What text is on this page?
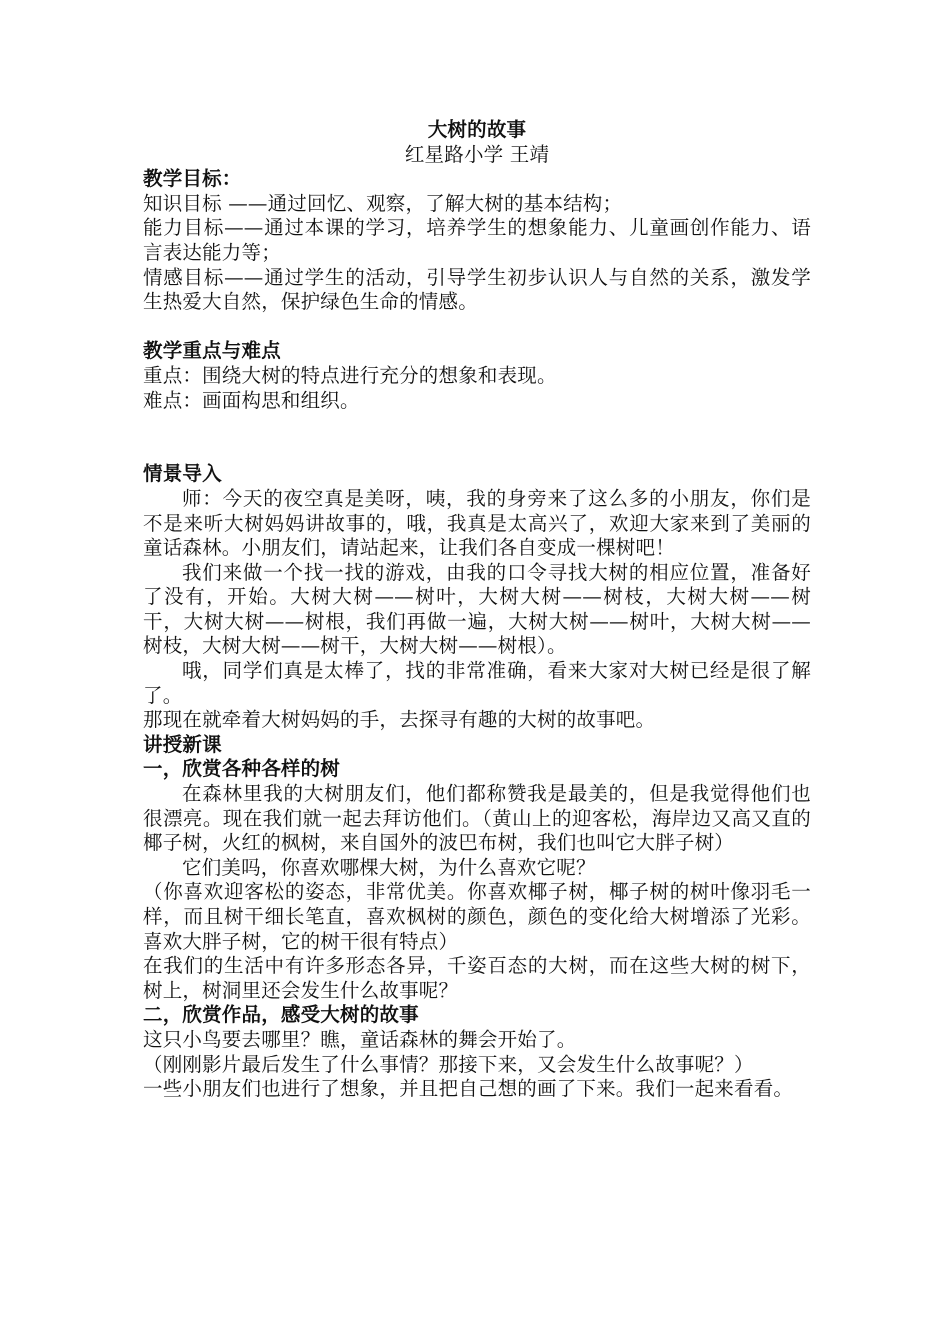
大树的故事

红星路小学 王靖

教学目标：

知识目标 ——通过回忆、观察，了解大树的基本结构；

能力目标——通过本课的学习，培养学生的想象能力、儿童画创作能力、语言表达能力等；

情感目标——通过学生的活动，引导学生初步认识人与自然的关系，激发学生热爱大自然，保护绿色生命的情感。

教学重点与难点

重点：围绕大树的特点进行充分的想象和表现。

难点：画面构思和组织。

情景导入

师：今天的夜空真是美呀，咦，我的身旁来了这么多的小朋友，你们是不是来听大树妈妈讲故事的，哦，我真是太高兴了，欢迎大家来到了美丽的童话森林。小朋友们，请站起来，让我们各自变成一棵树吧！

我们来做一个找一找的游戏，由我的口令寻找大树的相应位置，准备好了没有，开始。大树大树——树叶，大树大树——树枝，大树大树——树干，大树大树——树根，我们再做一遍，大树大树——树叶，大树大树——树枝，大树大树——树干，大树大树——树根）。

哦，同学们真是太棒了，找的非常准确，看来大家对大树已经是很了解了。

那现在就牵着大树妈妈的手，去探寻有趣的大树的故事吧。

讲授新课

一，欣赏各种各样的树

在森林里我的大树朋友们，他们都称赞我是最美的，但是我觉得他们也很漂亮。现在我们就一起去拜访他们。（黄山上的迎客松，海岸边又高又直的椰子树，火红的枫树，来自国外的波巴布树，我们也叫它大胖子树）

它们美吗，你喜欢哪棵大树，为什么喜欢它呢？

（你喜欢迎客松的姿态，非常优美。你喜欢椰子树，椰子树的树叶像羽毛一样，而且树干细长笔直，喜欢枫树的颜色，颜色的变化给大树增添了光彩。喜欢大胖子树，它的树干很有特点）

在我们的生活中有许多形态各异，千姿百态的大树，而在这些大树的树下，树上，树洞里还会发生什么故事呢？

二，欣赏作品，感受大树的故事

这只小鸟要去哪里？瞧，童话森林的舞会开始了。

（刚刚影片最后发生了什么事情？那接下来，又会发生什么故事呢？）

一些小朋友们也进行了想象，并且把自己想的画了下来。我们一起来看看。
